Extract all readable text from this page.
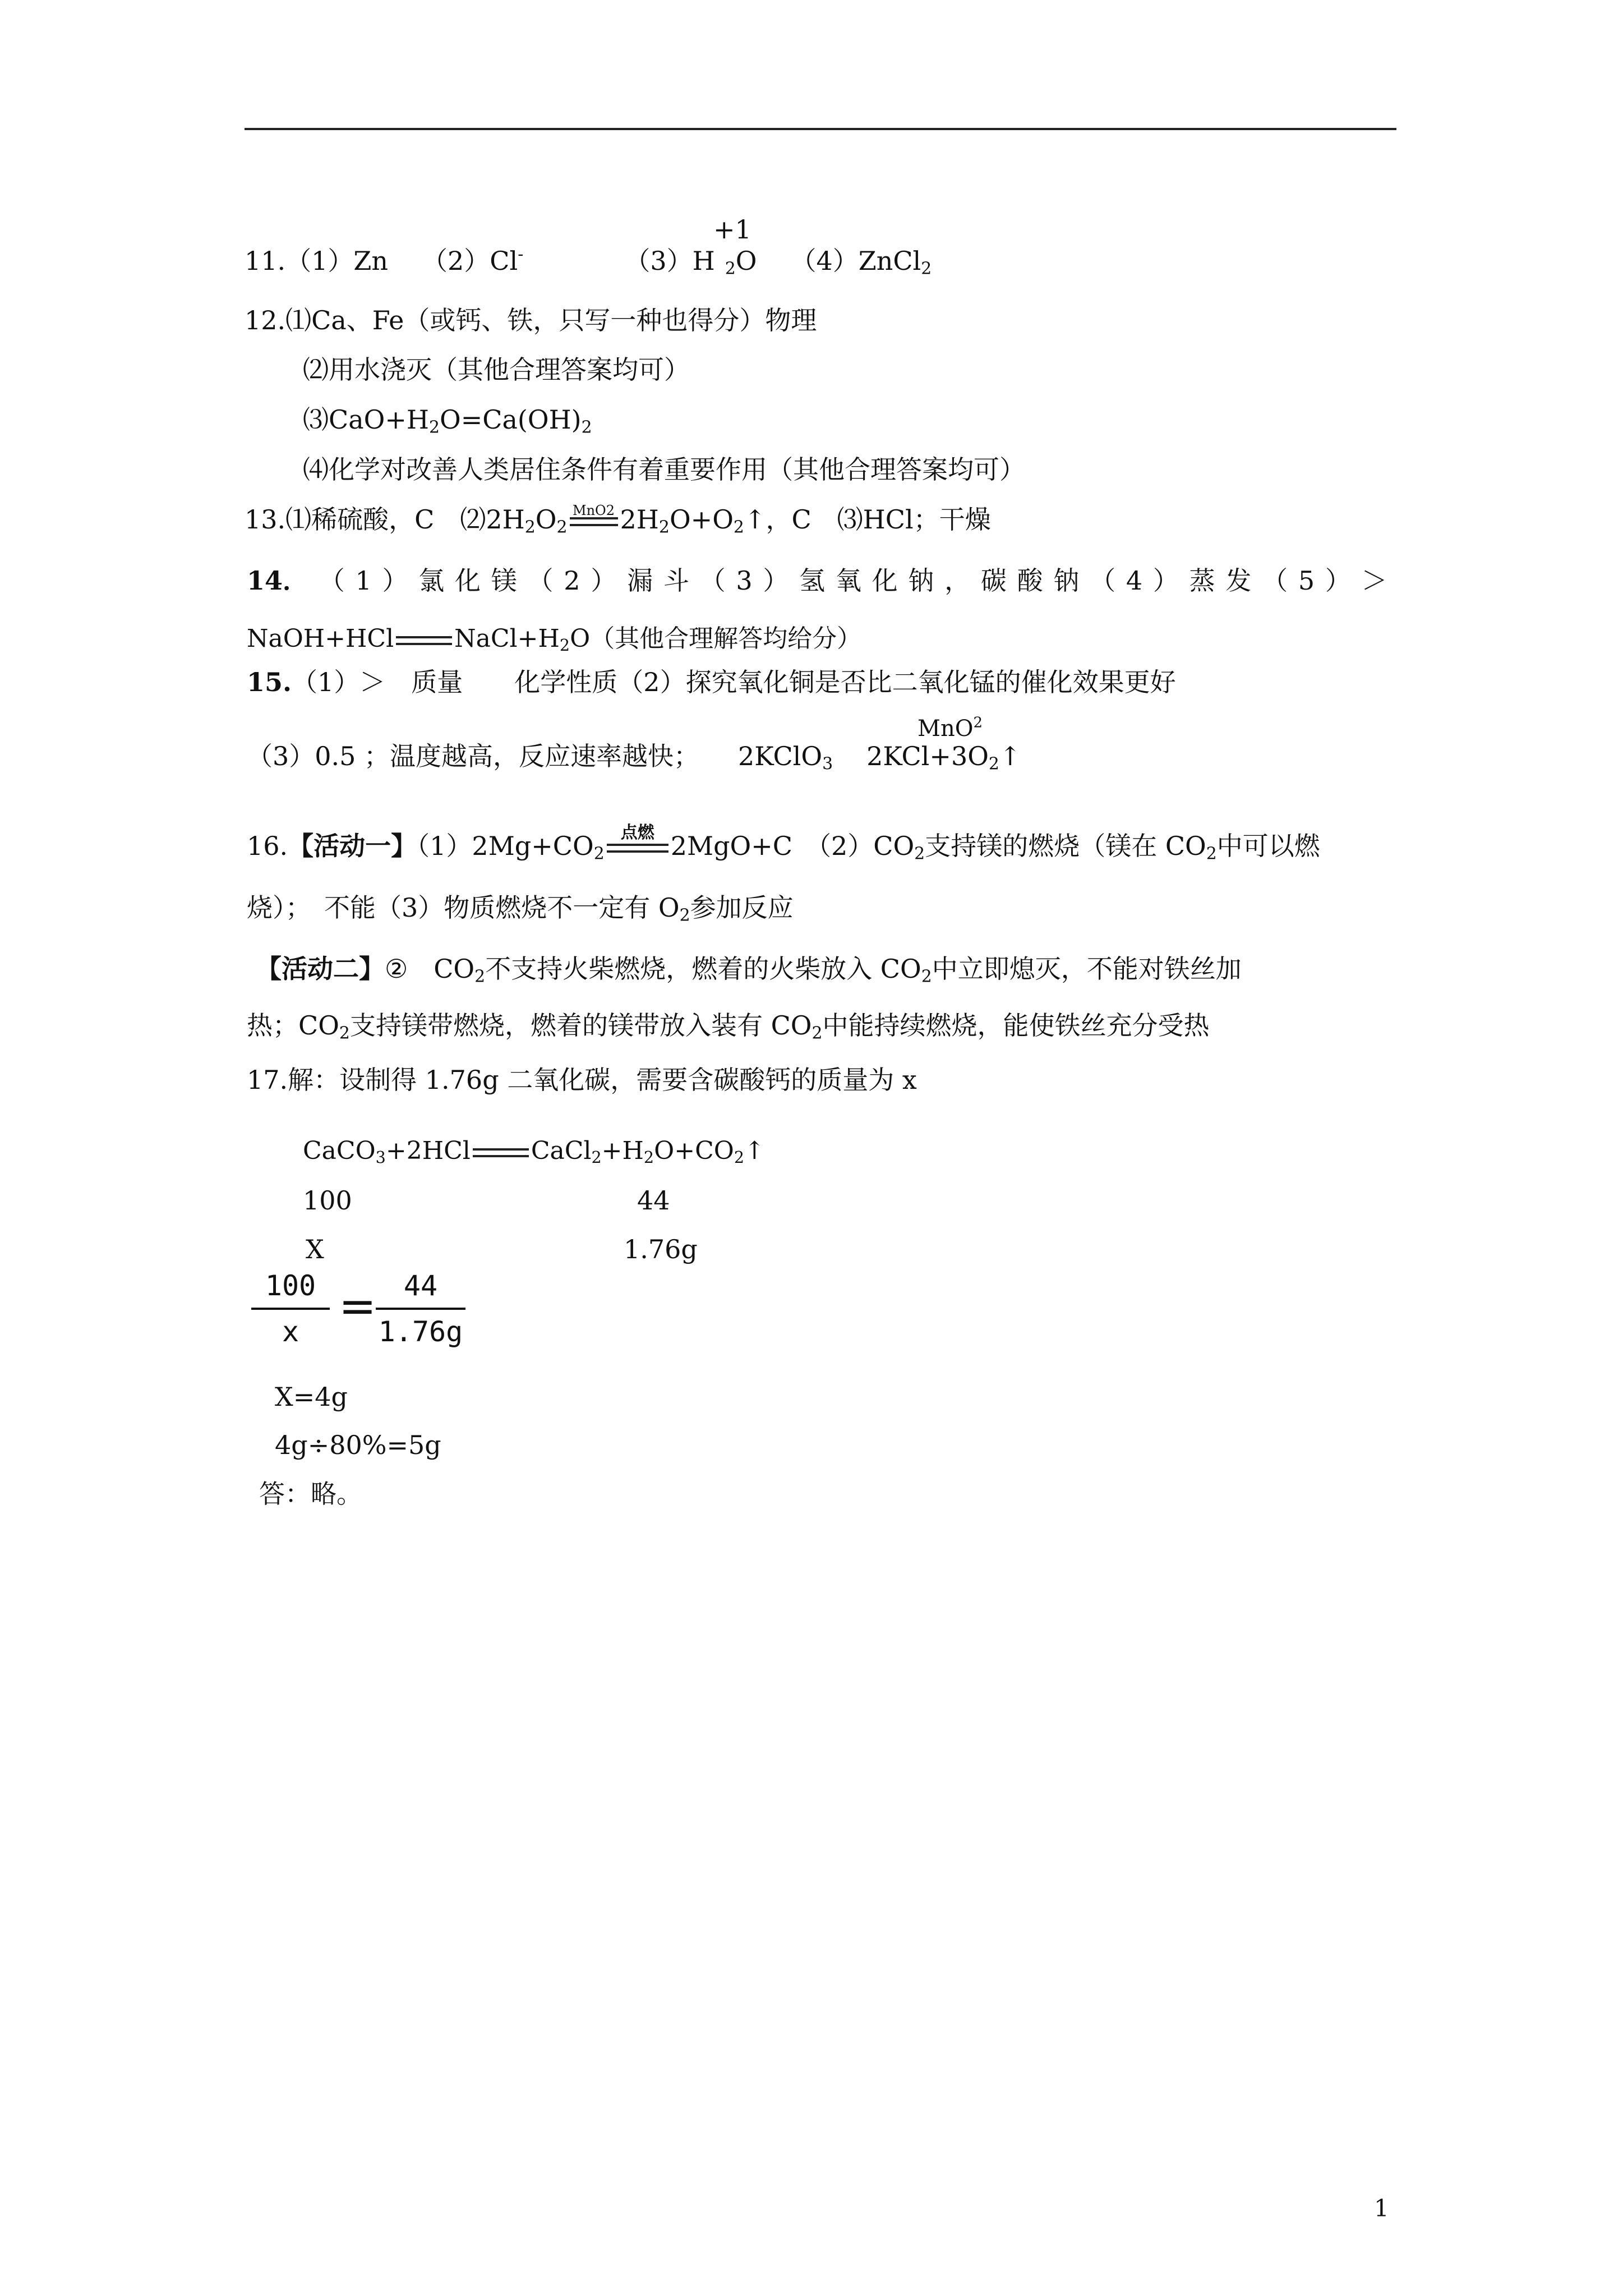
+1
11.（1）Zn （2）Cl-	（3）H $_2$O （4）ZnCl$_2$
12.⑴Ca、Fe（或钙、铁，只写一种也得分）物理
⑵用水浇灭（其他合理答案均可）
$⑶CaO+H_2O=Ca(OH)_2$
⑷化学对改善人类居住条件有着重要作用（其他合理答案均可）
13.⑴稀硫酸，C　$⑵2H_2O_2$
MnO2 $2H_2O+O_2↑$，C　⑶HCl；干燥
14． （ 1 ） 氯 化 镁 （ 2 ） 漏 斗 （ 3 ） 氢 氧 化 钠 ， 碳 酸 钠 （ 4 ） 蒸 发 （ 5 ） ＞
NaOH+HCl $NaCl+H_2O$（其他合理解答均给分）
15.（1）＞　质量　　化学性质（2）探究氧化铜是否比二氧化锰的催化效果更好
MnO$^2$
（3）0.5 ；温度越高，反应速率越快；　　2KClO$_3$ $2KCl+3O_2↑$
16.【活动一】$(1)2Mg+CO_2$
点燃 2MgO+C　$(2)CO_2$支持镁的燃烧（镁在 $CO_2$中可以燃
烧）；　不能（3）物质燃烧不一定有 $O_2$参加反应
【活动二】②　$CO_2$不支持火柴燃烧，燃着的火柴放入 $CO_2$中立即熄灭，不能对铁丝加
热；$CO_2$支持镁带燃烧，燃着的镁带放入装有 $CO_2$中能持续燃烧，能使铁丝充分受热
17.解：设制得 1.76g 二氧化碳，需要含碳酸钙的质量为 x
CaCO$_3$+2HCl $CaCl_2+H_2O+CO_2↑$
100	44
X	1.76g
100
x = 44
1.76g
X=4g
4g÷80%=5g
答：略。
1
